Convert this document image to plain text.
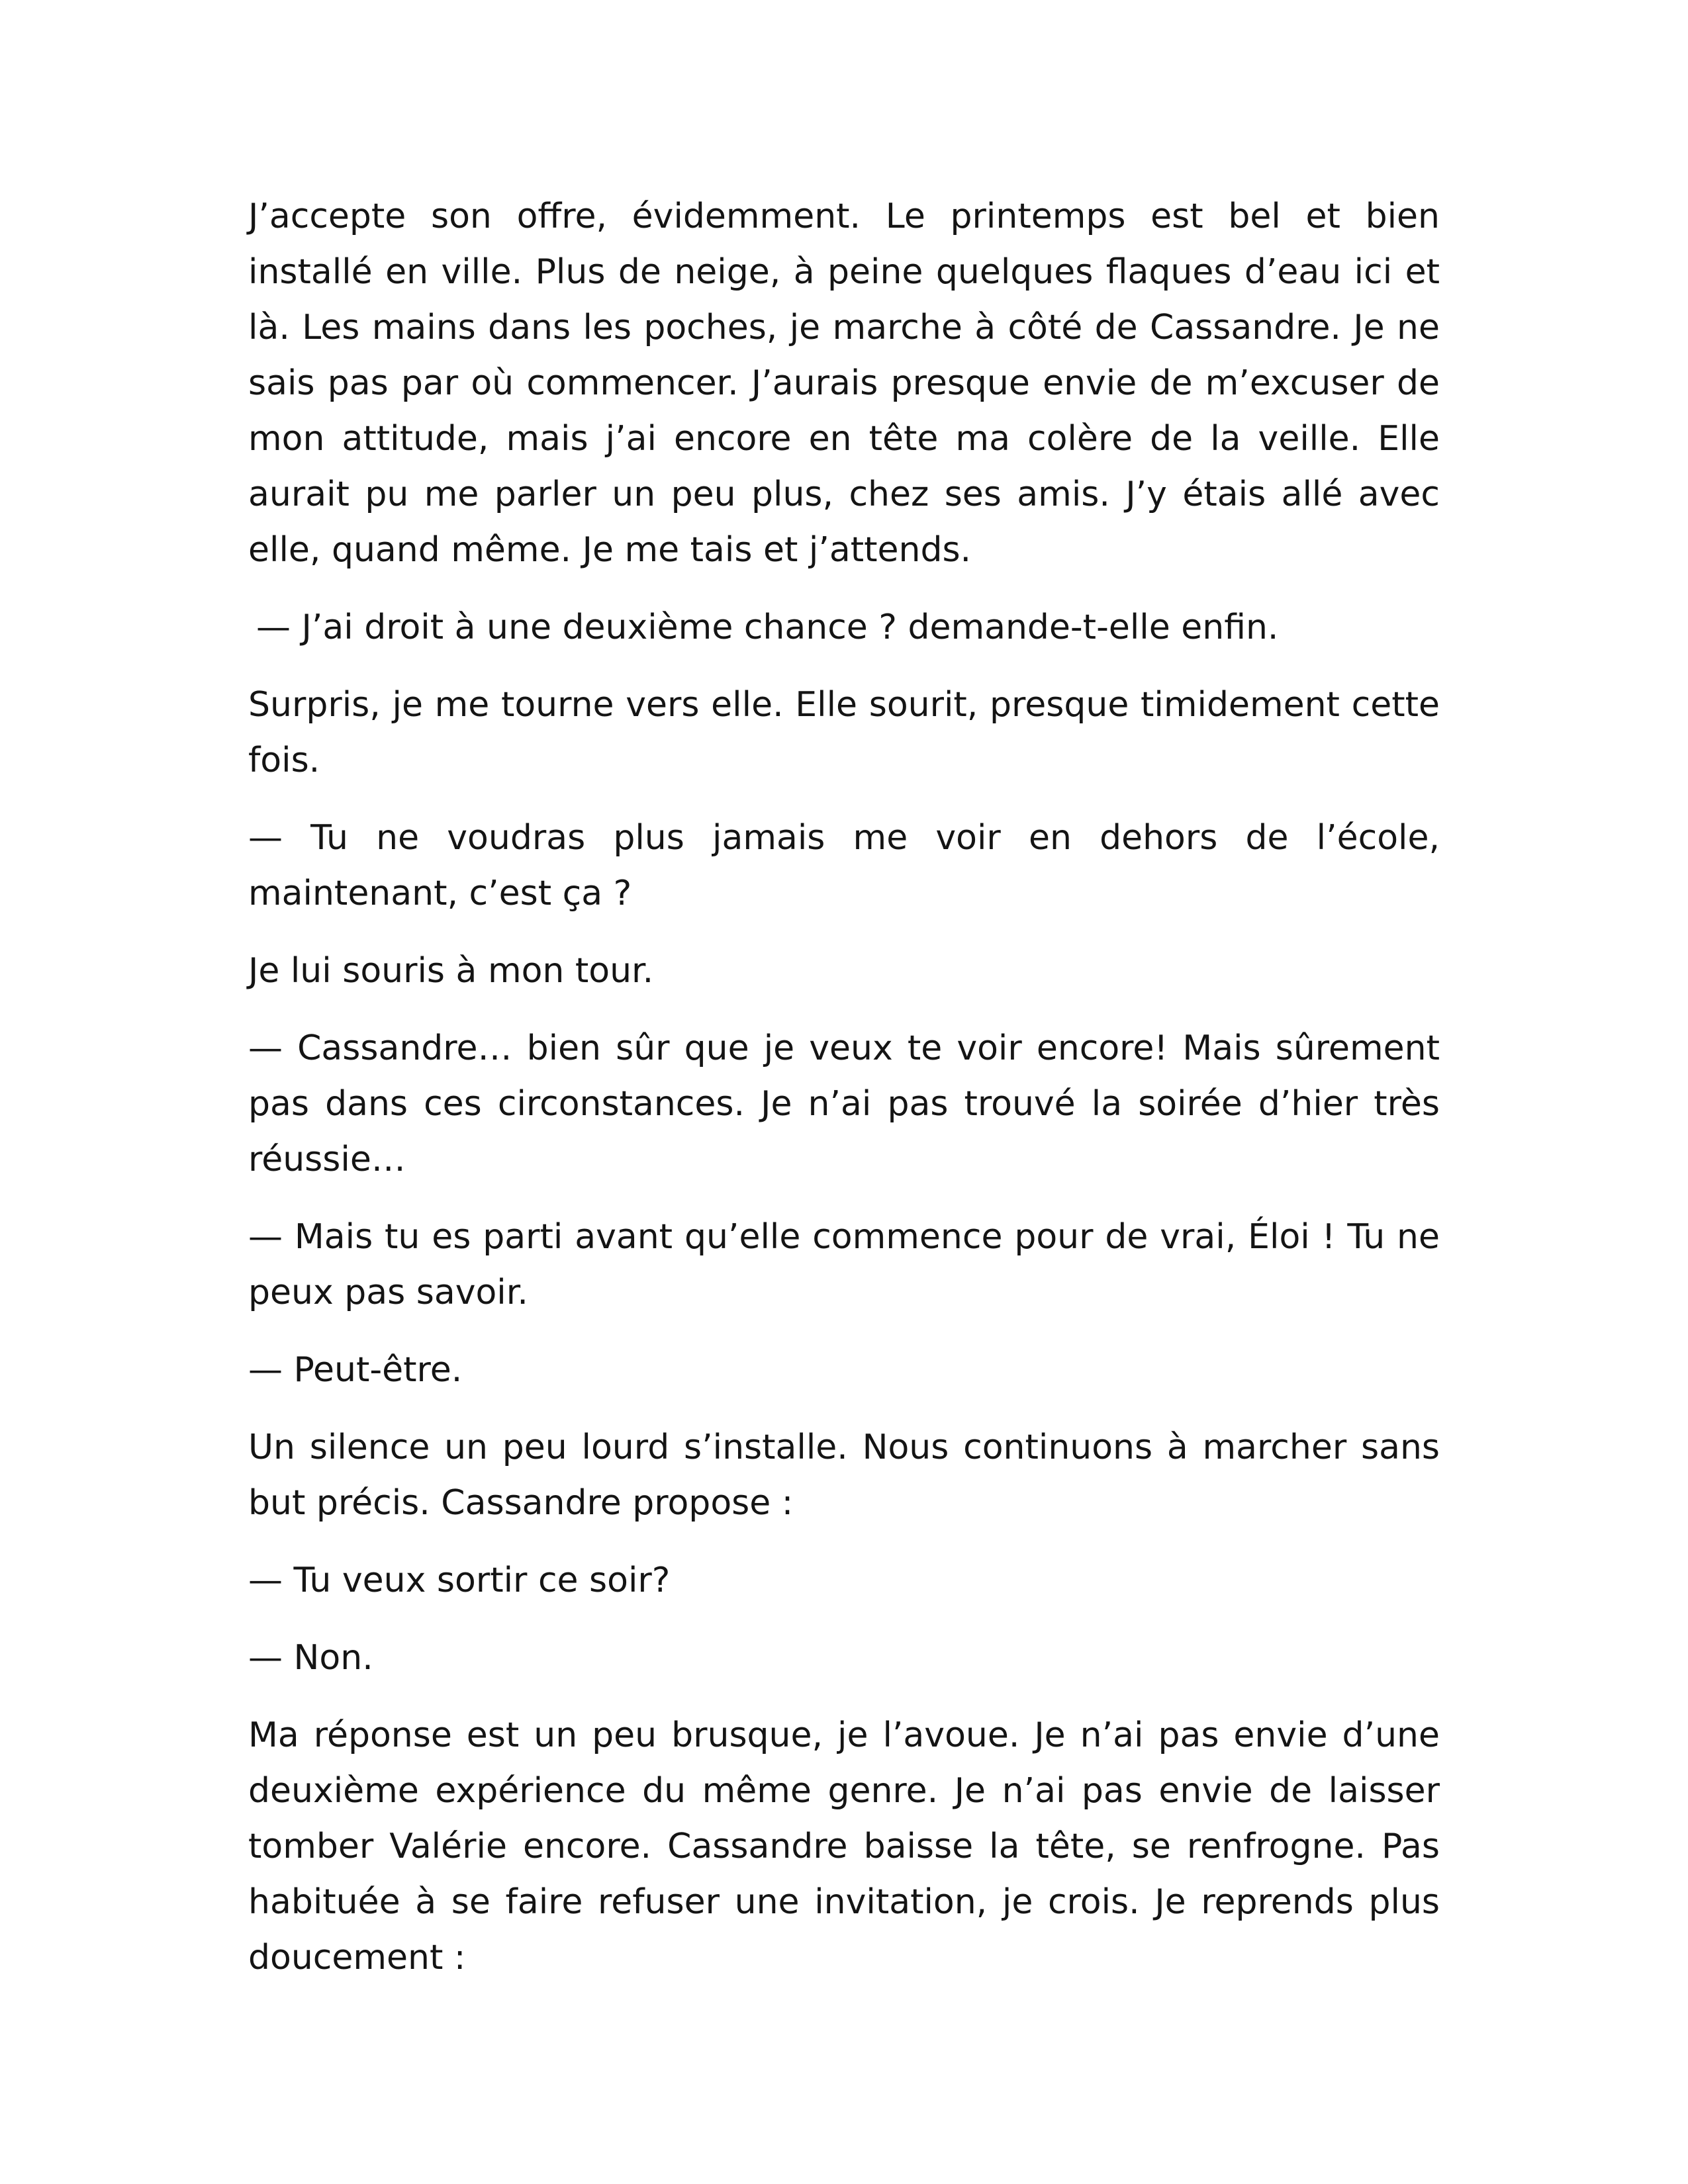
J’accepte son offre, évidemment. Le printemps est bel et bien installé en ville. Plus de neige, à peine quelques flaques d’eau ici et là. Les mains dans les poches, je marche à côté de Cassandre. Je ne sais pas par où commencer. J’aurais presque envie de m’excuser de mon attitude, mais j’ai encore en tête ma colère de la veille. Elle aurait pu me parler un peu plus, chez ses amis. J’y étais allé avec elle, quand même. Je me tais et j’attends.

— J’ai droit à une deuxième chance ? demande-t-elle enfin.

Surpris, je me tourne vers elle. Elle sourit, presque timidement cette fois.

— Tu ne voudras plus jamais me voir en dehors de l’école, maintenant, c’est ça ?

Je lui souris à mon tour.

— Cassandre… bien sûr que je veux te voir encore! Mais sûrement pas dans ces circonstances. Je n’ai pas trouvé la soirée d’hier très réussie…

— Mais tu es parti avant qu’elle commence pour de vrai, Éloi ! Tu ne peux pas savoir.

— Peut-être.

Un silence un peu lourd s’installe. Nous continuons à marcher sans but précis. Cassandre propose :

— Tu veux sortir ce soir?

— Non.

Ma réponse est un peu brusque, je l’avoue. Je n’ai pas envie d’une deuxième expérience du même genre. Je n’ai pas envie de laisser tomber Valérie encore. Cassandre baisse la tête, se renfrogne. Pas habituée à se faire refuser une invitation, je crois. Je reprends plus doucement :
